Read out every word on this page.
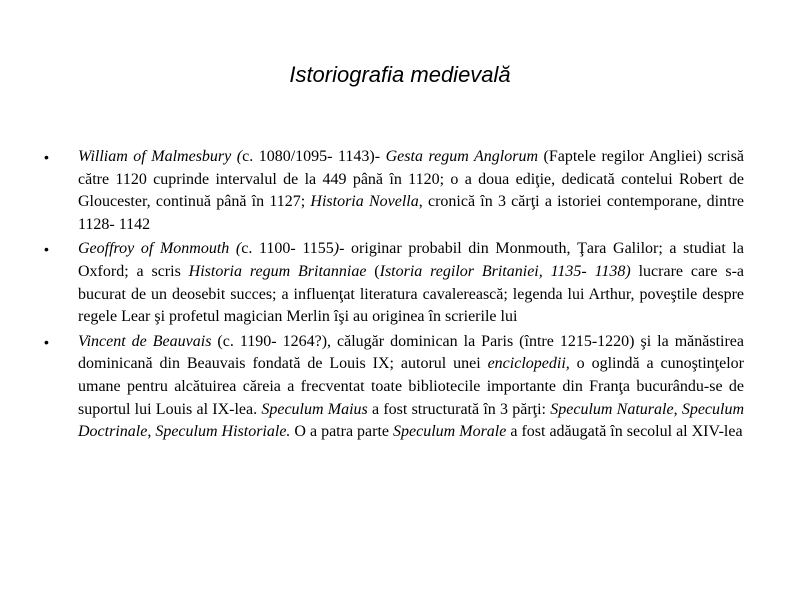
Istoriografia medievală
• William of Malmesbury (c. 1080/1095- 1143)- Gesta regum Anglorum (Faptele regilor Angliei) scrisă către 1120 cuprinde intervalul de la 449 până în 1120; o a doua ediţie, dedicată contelui Robert de Gloucester, continuă până în 1127; Historia Novella, cronică în 3 cărţi a istoriei contemporane, dintre 1128- 1142
• Geoffroy of Monmouth (c. 1100- 1155)- originar probabil din Monmouth, Ţara Galilor; a studiat la Oxford; a scris Historia regum Britanniae (Istoria regilor Britaniei, 1135- 1138) lucrare care s-a bucurat de un deosebit succes; a influenţat literatura cavalerească; legenda lui Arthur, poveştile despre regele Lear şi profetul magician Merlin îşi au originea în scrierile lui
• Vincent de Beauvais (c. 1190- 1264?), călugăr dominican la Paris (între 1215-1220) şi la mănăstirea dominicană din Beauvais fondată de Louis IX; autorul unei enciclopedii, o oglindă a cunoştinţelor umane pentru alcătuirea căreia a frecventat toate bibliotecile importante din Franţa bucurându-se de suportul lui Louis al IX-lea. Speculum Maius a fost structurată în 3 părţi: Speculum Naturale, Speculum Doctrinale, Speculum Historiale. O a patra parte Speculum Morale a fost adăugată în secolul al XIV-lea
